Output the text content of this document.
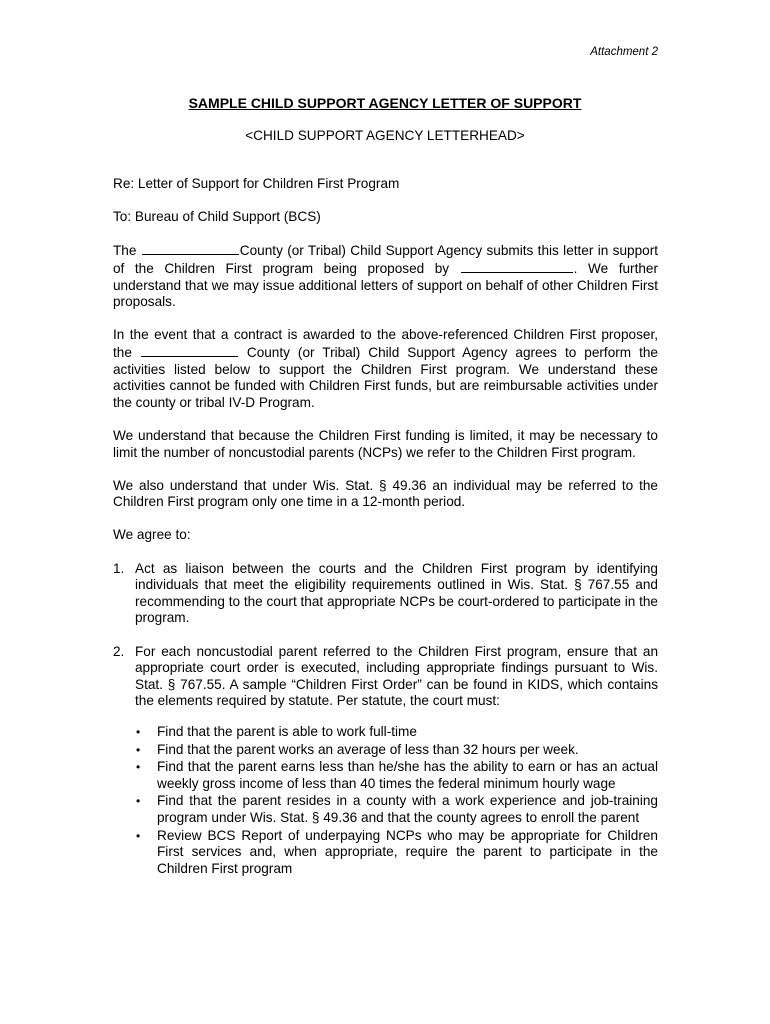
Attachment 2
SAMPLE CHILD SUPPORT AGENCY LETTER OF SUPPORT
<CHILD SUPPORT AGENCY LETTERHEAD>

Re: Letter of Support for Children First Program

To: Bureau of Child Support (BCS)

The	County (or Tribal) Child Support Agency submits this letter in support of the Children First program being proposed by	. We further understand that we may issue additional letters of support on behalf of other Children First proposals.

In the event that a contract is awarded to the above-referenced Children First proposer, the	County (or Tribal) Child Support Agency agrees to perform the activities listed below to support the Children First program. We understand these activities cannot be funded with Children First funds, but are reimbursable activities under the county or tribal IV-D Program.

We understand that because the Children First funding is limited, it may be necessary to limit the number of noncustodial parents (NCPs) we refer to the Children First program.

We also understand that under Wis. Stat. § 49.36 an individual may be referred to the Children First program only one time in a 12-month period.

We agree to:

1. Act as liaison between the courts and the Children First program by identifying individuals that meet the eligibility requirements outlined in Wis. Stat. § 767.55 and recommending to the court that appropriate NCPs be court-ordered to participate in the program.
2. For each noncustodial parent referred to the Children First program, ensure that an appropriate court order is executed, including appropriate findings pursuant to Wis. Stat. § 767.55. A sample “Children First Order” can be found in KIDS, which contains the elements required by statute. Per statute, the court must:
• Find that the parent is able to work full-time
• Find that the parent works an average of less than 32 hours per week.
• Find that the parent earns less than he/she has the ability to earn or has an actual weekly gross income of less than 40 times the federal minimum hourly wage
• Find that the parent resides in a county with a work experience and job-training program under Wis. Stat. § 49.36 and that the county agrees to enroll the parent
• Review BCS Report of underpaying NCPs who may be appropriate for Children First services and, when appropriate, require the parent to participate in the Children First program
